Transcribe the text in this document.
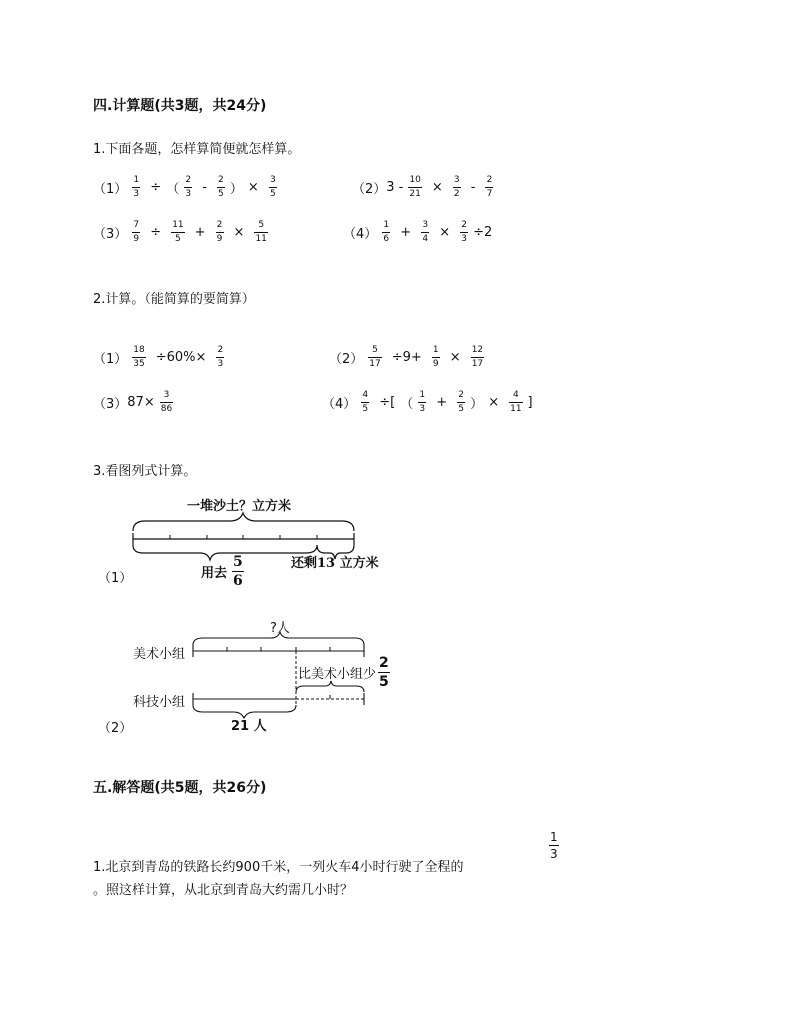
四.计算题(共3题，共24分)
1.下面各题，怎样算简便就怎样算。
$(1) \frac{1}{3}$ ÷ （ $\frac{2}{3} - \frac{2}{5}$ ） × $\frac{3}{5}$	（2） $3 - \frac{10}{21} \times \frac{3}{2} - \frac{2}{7}$
$(3) \frac{7}{9} \div \frac{11}{5} + \frac{2}{9} \times \frac{5}{11}$	$(4) \frac{1}{6} + \frac{3}{4} \times \frac{2}{3} \div 2$
2.计算。（能简算的要简算）
$(1) \frac{18}{35} \div 60\%\times \frac{2}{3}$	$(2) \frac{5}{17} \div 9+ \frac{1}{9} \times \frac{12}{17}$
（3） $87\times \frac{3}{86}$	$(4) \frac{4}{5}$ ÷[ （ $\frac{1}{3} + \frac{2}{5}$ ） × $\frac{4}{11}$ ]
3.看图列式计算。
一堆沙土？立方米
用去 $\frac{5}{6}$	还剩13 立方米
（1）
?人
美术小组
科技小组
比美术小组少 $\frac{2}{5}$
21 人
（2）
五.解答题(共5题，共26分)
$\frac{1}{3}$
1.北京到青岛的铁路长约900千米，一列火车4小时行驶了全程的
。照这样计算，从北京到青岛大约需几小时？
